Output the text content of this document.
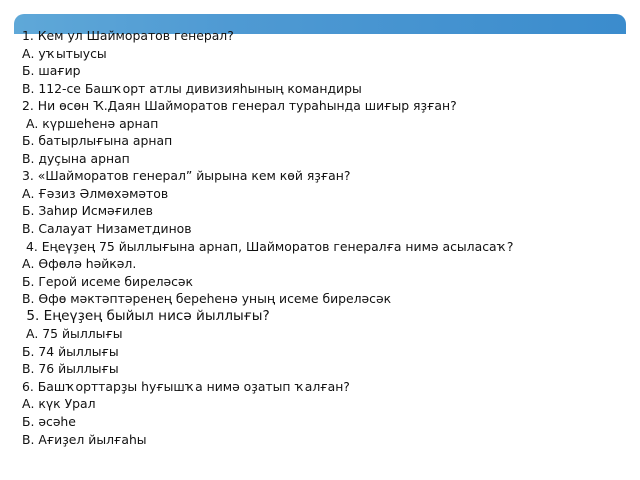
1. Кем ул Шайморатов генерал?
А. уҡытыусы
Б. шағир
В. 112-се Башҡорт атлы дивизияһының командиры
2. Ни өсөн Ҡ.Даян Шайморатов генерал тураһында шиғыр яҙған?
А. күршеһенә арнап
Б. батырлығына арнап
В. дуҫына арнап
3. «Шайморатов генерал” йырына кем көй яҙған?
А. Ғәзиз Әлмөхәмәтов
Б. Заһир Исмәғилев
В. Салауат Низаметдинов
4. Еңеүҙең 75 йыллығына арнап, Шайморатов генералға нимә асыласаҡ?
А. Өфөлә һәйкәл.
Б. Герой исеме биреләсәк
В. Өфө мәктәптәренең береһенә уның исеме биреләсәк
5. Еңеүҙең быйыл нисә йыллығы?
А. 75 йыллығы
Б. 74 йыллығы
В. 76 йыллығы
6. Башҡорттарҙы һуғышҡа нимә оҙатып ҡалған?
А. күк Урал
Б. әсәһе
В. Ағиҙел йылғаһы
